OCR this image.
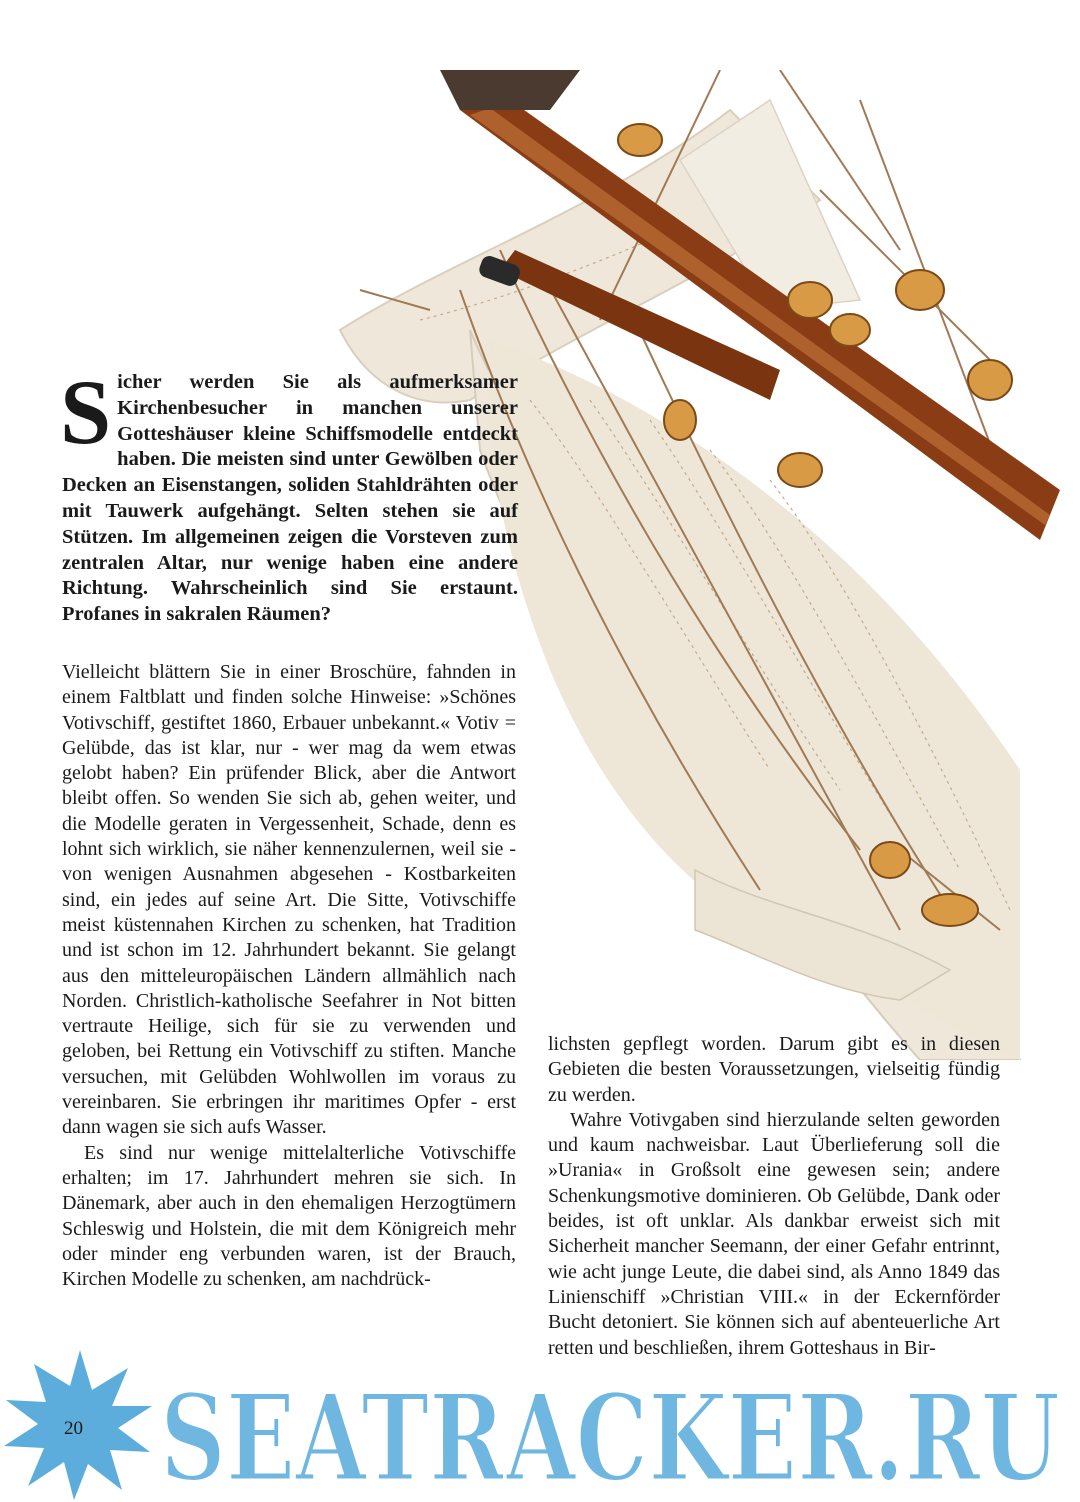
S icher werden Sie als aufmerksamer Kirchenbesucher in manchen unserer Gotteshäuser kleine Schiffsmodelle entdeckt haben. Die meisten sind unter Gewölben oder Decken an Eisenstangen, soliden Stahldrähten oder mit Tauwerk aufgehängt. Selten stehen sie auf Stützen. Im allgemeinen zeigen die Vorsteven zum zentralen Altar, nur wenige haben eine andere Richtung. Wahrscheinlich sind Sie erstaunt. Profanes in sakralen Räumen?

Vielleicht blättern Sie in einer Broschüre, fahnden in einem Faltblatt und finden solche Hinweise: »Schönes Votivschiff, gestiftet 1860, Erbauer unbekannt.« Votiv = Gelübde, das ist klar, nur - wer mag da wem etwas gelobt haben? Ein prüfender Blick, aber die Antwort bleibt offen. So wenden Sie sich ab, gehen weiter, und die Modelle geraten in Vergessenheit, Schade, denn es lohnt sich wirklich, sie näher kennenzulernen, weil sie - von wenigen Ausnahmen abgesehen - Kostbarkeiten sind, ein jedes auf seine Art. Die Sitte, Votivschiffe meist küstennahen Kirchen zu schenken, hat Tradition und ist schon im 12. Jahrhundert bekannt. Sie gelangt aus den mitteleuropäischen Ländern allmählich nach Norden. Christlich-katholische Seefahrer in Not bitten vertraute Heilige, sich für sie zu verwenden und geloben, bei Rettung ein Votivschiff zu stiften. Manche versuchen, mit Gelübden Wohlwollen im voraus zu vereinbaren. Sie erbringen ihr maritimes Opfer - erst dann wagen sie sich aufs Wasser.

Es sind nur wenige mittelalterliche Votivschiffe erhalten; im 17. Jahrhundert mehren sie sich. In Dänemark, aber auch in den ehemaligen Herzogtümern Schleswig und Holstein, die mit dem Königreich mehr oder minder eng verbunden waren, ist der Brauch, Kirchen Modelle zu schenken, am nachdrück-

lichsten gepflegt worden. Darum gibt es in diesen Gebieten die besten Voraussetzungen, vielseitig fündig zu werden.

Wahre Votivgaben sind hierzulande selten geworden und kaum nachweisbar. Laut Überlieferung soll die »Urania« in Großsolt eine gewesen sein; andere Schenkungsmotive dominieren. Ob Gelübde, Dank oder beides, ist oft unklar. Als dankbar erweist sich mit Sicherheit mancher Seemann, der einer Gefahr entrinnt, wie acht junge Leute, die dabei sind, als Anno 1849 das Linienschiff »Christian VIII.« in der Eckernförder Bucht detoniert. Sie können sich auf abenteuerliche Art retten und beschließen, ihrem Gotteshaus in Bir-

SEATRACKER.RU
20
